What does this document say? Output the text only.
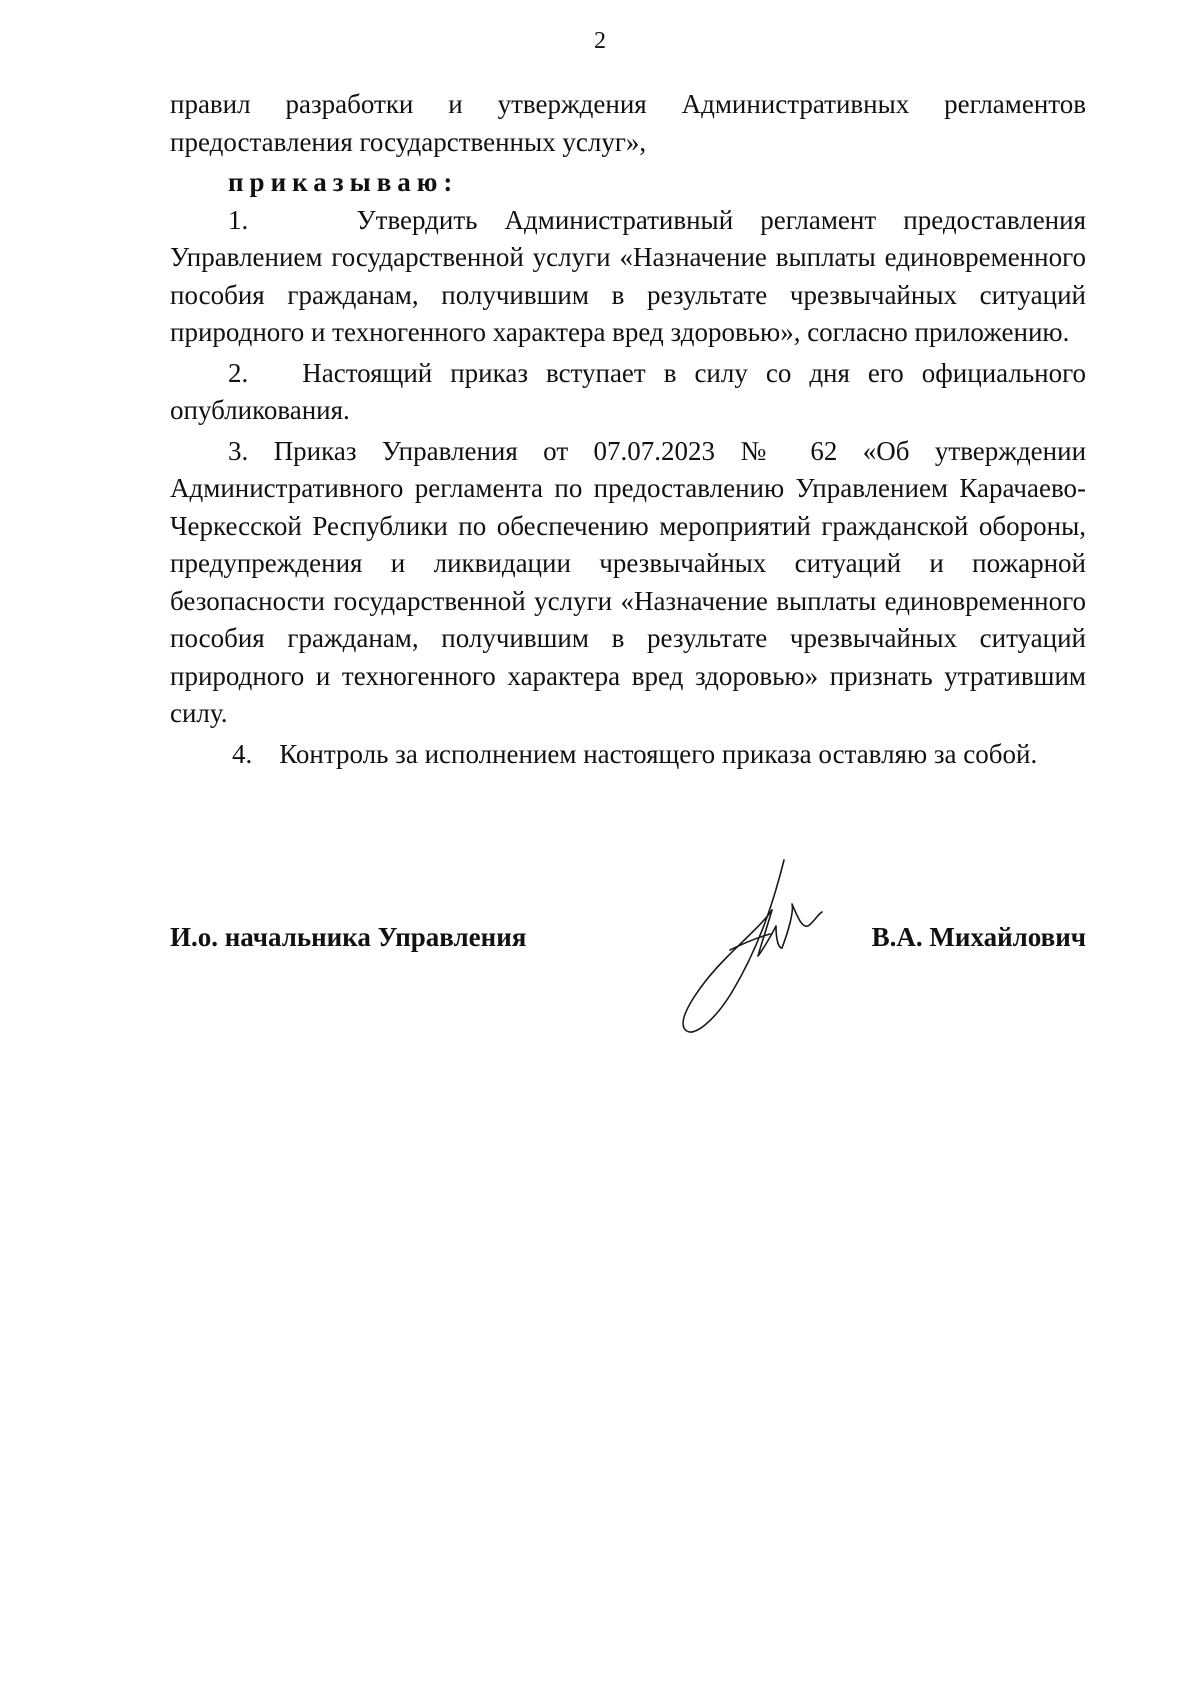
2

правил разработки и утверждения Административных регламентов предоставления государственных услуг»,

приказываю:

1.	Утвердить Административный регламент предоставления Управлением государственной услуги «Назначение выплаты единовременного пособия гражданам, получившим в результате чрезвычайных ситуаций природного и техногенного характера вред здоровью», согласно приложению.

2. Настоящий приказ вступает в силу со дня его официального опубликования.

3. Приказ Управления от 07.07.2023 № 62 «Об утверждении Административного регламента по предоставлению Управлением Карачаево-Черкесской Республики по обеспечению мероприятий гражданской обороны, предупреждения и ликвидации чрезвычайных ситуаций и пожарной безопасности государственной услуги «Назначение выплаты единовременного пособия гражданам, получившим в результате чрезвычайных ситуаций природного и техногенного характера вред здоровью» признать утратившим силу.

4. Контроль за исполнением настоящего приказа оставляю за собой.

И.о. начальника Управления	В.А. Михайлович
